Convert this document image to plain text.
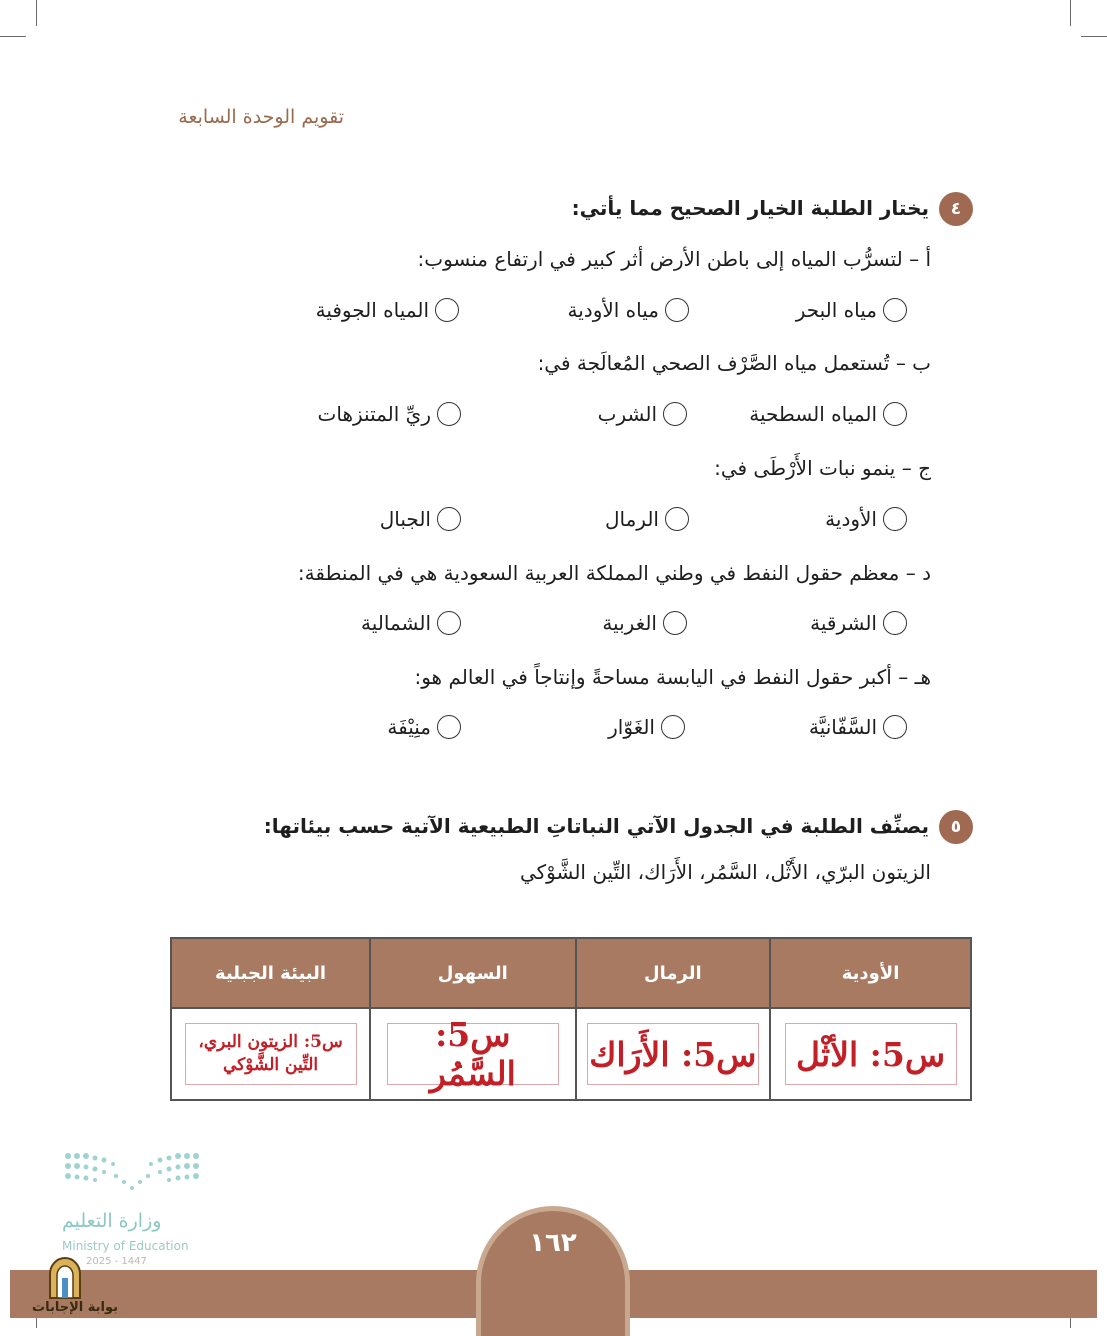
تقويم الوحدة السابعة
٤
يختار الطلبة الخيار الصحيح مما يأتي:
أ – لتسرُّب المياه إلى باطن الأرض أثر كبير في ارتفاع منسوب:
مياه البحر
مياه الأودية
المياه الجوفية
ب – تُستعمل مياه الصَّرْف الصحي المُعالَجة في:
المياه السطحية
الشرب
ريِّ المتنزهات
ج – ينمو نبات الأَرْطَى في:
الأودية
الرمال
الجبال
د – معظم حقول النفط في وطني المملكة العربية السعودية هي في المنطقة:
الشرقية
الغربية
الشمالية
هـ – أكبر حقول النفط في اليابسة مساحةً وإنتاجاً في العالم هو:
السَّفّانيَّة
الغَوّار
منِيْفَة
٥
يصنِّف الطلبة في الجدول الآتي النباتاتِ الطبيعية الآتية حسب بيئاتها:
الزيتون البرّي، الأَثْل، السَّمُر، الأَرَاك، التِّين الشَّوْكي
الأودية	الرمال	السهول	البيئة الجبلية

س5: الأثْل	س5: الأَرَاك	س5: السَّمُر	س5: الزيتون البري،
التِّين الشَّوْكي
وزارة التعليم
Ministry of Education
2025 - 1447
١٦٢
بوابة الإجابات
